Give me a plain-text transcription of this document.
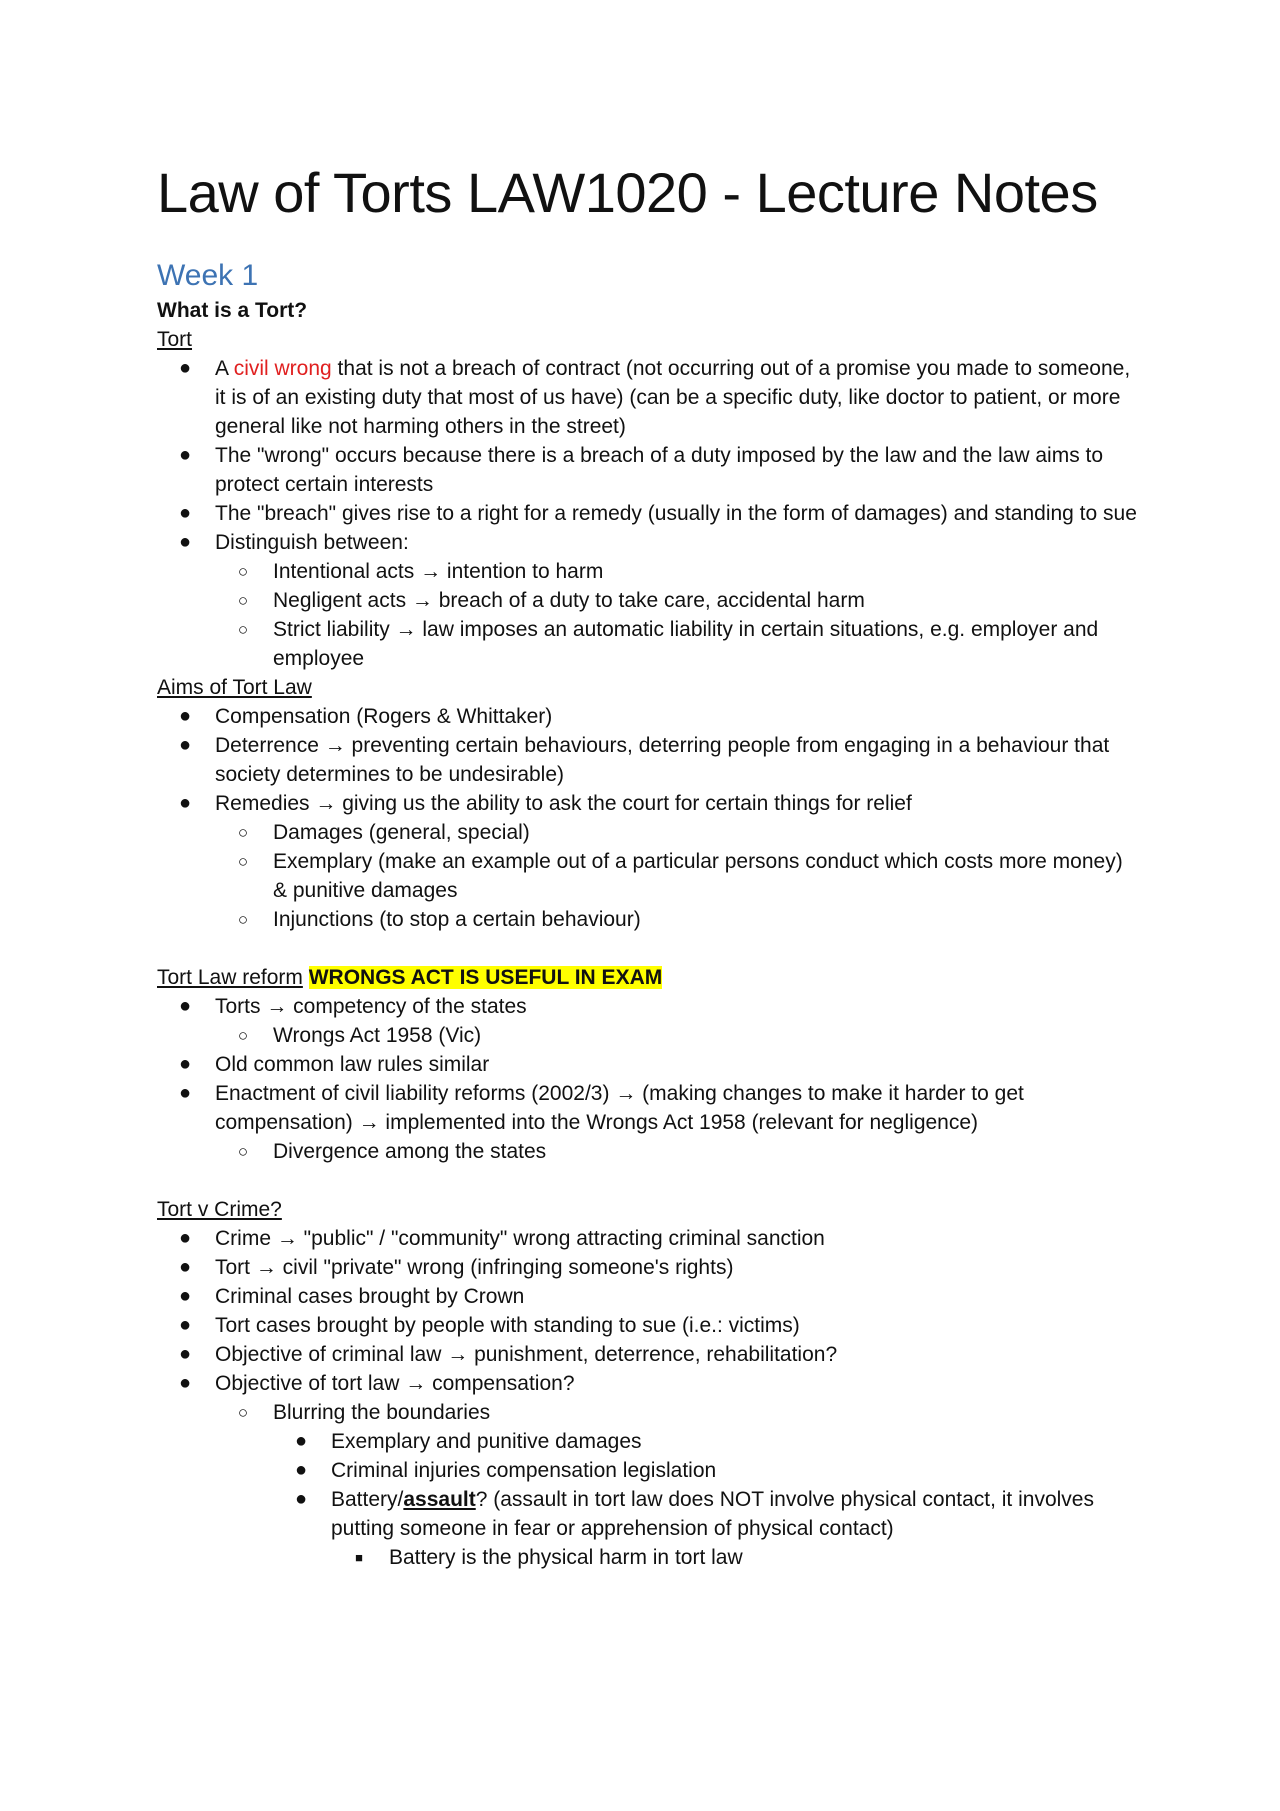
Law of Torts LAW1020 - Lecture Notes
Week 1

What is a Tort?

Tort

● A civil wrong that is not a breach of contract (not occurring out of a promise you made to someone, it is of an existing duty that most of us have) (can be a specific duty, like doctor to patient, or more general like not harming others in the street)
● The "wrong" occurs because there is a breach of a duty imposed by the law and the law aims to protect certain interests
● The "breach" gives rise to a right for a remedy (usually in the form of damages) and standing to sue
● Distinguish between:
○ Intentional acts → intention to harm
○ Negligent acts → breach of a duty to take care, accidental harm
○ Strict liability → law imposes an automatic liability in certain situations, e.g. employer and employee

Aims of Tort Law

● Compensation (Rogers & Whittaker)
● Deterrence → preventing certain behaviours, deterring people from engaging in a behaviour that society determines to be undesirable)
● Remedies → giving us the ability to ask the court for certain things for relief
○ Damages (general, special)
○ Exemplary (make an example out of a particular persons conduct which costs more money) & punitive damages
○ Injunctions (to stop a certain behaviour)

Tort Law reform WRONGS ACT IS USEFUL IN EXAM

● Torts → competency of the states
○ Wrongs Act 1958 (Vic)
● Old common law rules similar
● Enactment of civil liability reforms (2002/3) → (making changes to make it harder to get compensation) → implemented into the Wrongs Act 1958 (relevant for negligence)
○ Divergence among the states

Tort v Crime?

● Crime → "public" / "community" wrong attracting criminal sanction
● Tort → civil "private" wrong (infringing someone's rights)
● Criminal cases brought by Crown
● Tort cases brought by people with standing to sue (i.e.: victims)
● Objective of criminal law → punishment, deterrence, rehabilitation?
● Objective of tort law → compensation?
○ Blurring the boundaries
● Exemplary and punitive damages
● Criminal injuries compensation legislation
● Battery/assault? (assault in tort law does NOT involve physical contact, it involves putting someone in fear or apprehension of physical contact)
■ Battery is the physical harm in tort law
